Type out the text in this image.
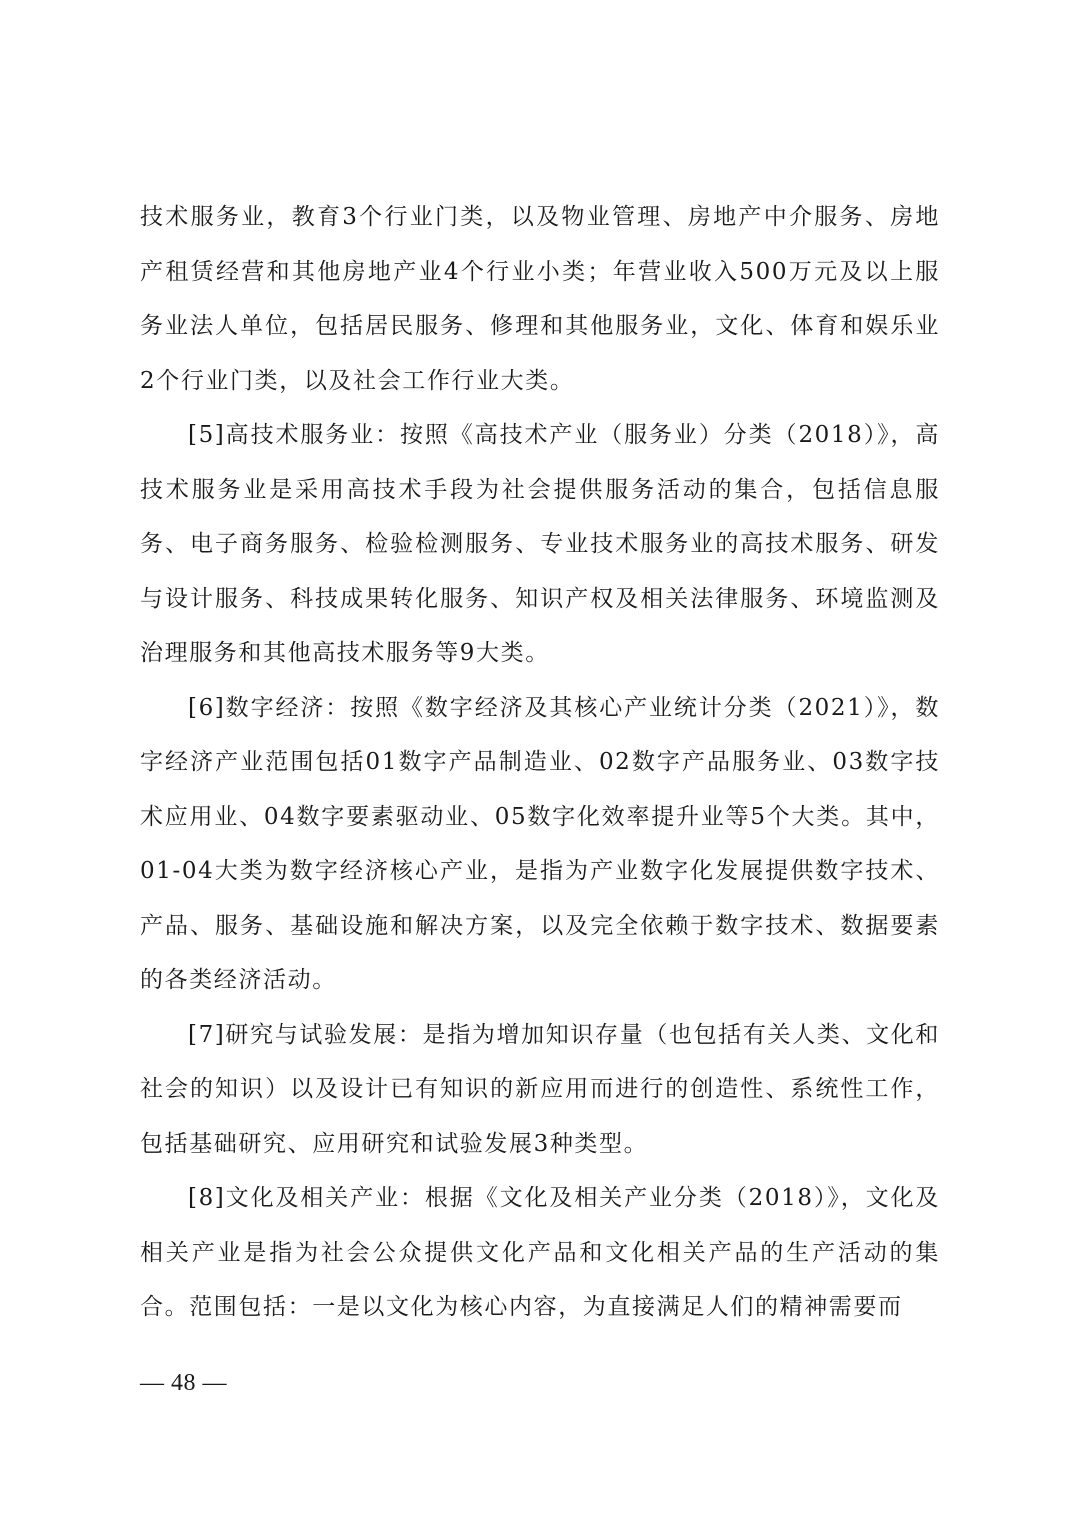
技术服务业，教育3个行业门类，以及物业管理、房地产中介服务、房地产租赁经营和其他房地产业4个行业小类；年营业收入500万元及以上服务业法人单位，包括居民服务、修理和其他服务业，文化、体育和娱乐业2个行业门类，以及社会工作行业大类。

[5]高技术服务业：按照《高技术产业（服务业）分类（2018）》，高技术服务业是采用高技术手段为社会提供服务活动的集合，包括信息服务、电子商务服务、检验检测服务、专业技术服务业的高技术服务、研发与设计服务、科技成果转化服务、知识产权及相关法律服务、环境监测及治理服务和其他高技术服务等9大类。

[6]数字经济：按照《数字经济及其核心产业统计分类（2021）》，数字经济产业范围包括01数字产品制造业、02数字产品服务业、03数字技术应用业、04数字要素驱动业、05数字化效率提升业等5个大类。其中，01-04大类为数字经济核心产业，是指为产业数字化发展提供数字技术、产品、服务、基础设施和解决方案，以及完全依赖于数字技术、数据要素的各类经济活动。

[7]研究与试验发展：是指为增加知识存量（也包括有关人类、文化和社会的知识）以及设计已有知识的新应用而进行的创造性、系统性工作，包括基础研究、应用研究和试验发展3种类型。

[8]文化及相关产业：根据《文化及相关产业分类（2018）》，文化及相关产业是指为社会公众提供文化产品和文化相关产品的生产活动的集合。范围包括：一是以文化为核心内容，为直接满足人们的精神需要而

— 48 —
